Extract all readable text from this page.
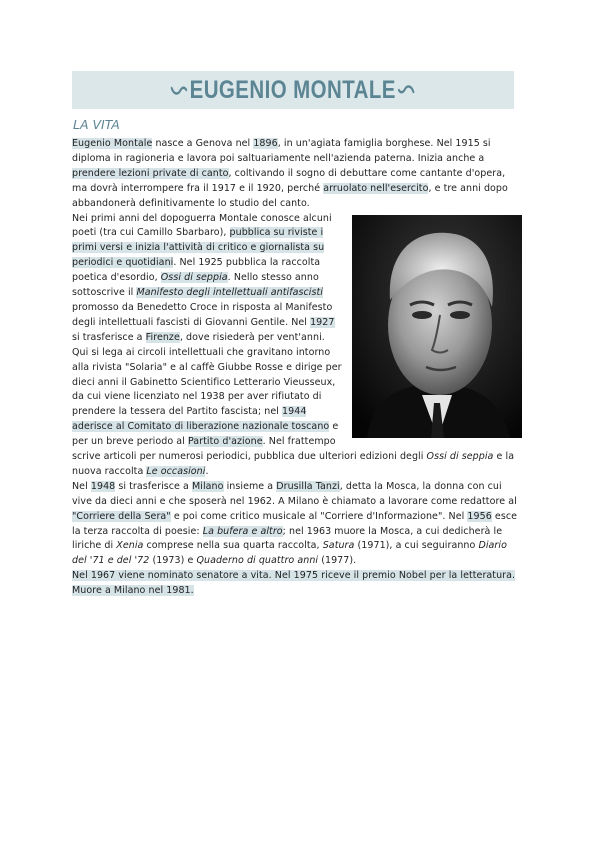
EUGENIO MONTALE
LA VITA

Eugenio Montale nasce a Genova nel 1896, in un'agiata famiglia borghese. Nel 1915 si diploma in ragioneria e lavora poi saltuariamente nell'azienda paterna. Inizia anche a prendere lezioni private di canto, coltivando il sogno di debuttare come cantante d'opera, ma dovrà interrompere fra il 1917 e il 1920, perché arruolato nell'esercito, e tre anni dopo abbandonerà definitivamente lo studio del canto.

Nei primi anni del dopoguerra Montale conosce alcuni poeti (tra cui Camillo Sbarbaro), pubblica su riviste i primi versi e inizia l'attività di critico e giornalista su periodici e quotidiani. Nel 1925 pubblica la raccolta poetica d'esordio, Ossi di seppia. Nello stesso anno sottoscrive il Manifesto degli intellettuali antifascisti promosso da Benedetto Croce in risposta al Manifesto degli intellettuali fascisti di Giovanni Gentile. Nel 1927 si trasferisce a Firenze, dove risiederà per vent'anni. Qui si lega ai circoli intellettuali che gravitano intorno alla rivista "Solaria" e al caffè Giubbe Rosse e dirige per dieci anni il Gabinetto Scientifico Letterario Vieusseux, da cui viene licenziato nel 1938 per aver rifiutato di prendere la tessera del Partito fascista; nel 1944 aderisce al Comitato di liberazione nazionale toscano e per un breve periodo al Partito d'azione. Nel frattempo scrive articoli per numerosi periodici, pubblica due ulteriori edizioni degli Ossi di seppia e la nuova raccolta Le occasioni.

Nel 1948 si trasferisce a Milano insieme a Drusilla Tanzi, detta la Mosca, la donna con cui vive da dieci anni e che sposerà nel 1962. A Milano è chiamato a lavorare come redattore al "Corriere della Sera" e poi come critico musicale al "Corriere d'Informazione". Nel 1956 esce la terza raccolta di poesie: La bufera e altro; nel 1963 muore la Mosca, a cui dedicherà le liriche di Xenia comprese nella sua quarta raccolta, Satura (1971), a cui seguiranno Diario del '71 e del '72 (1973) e Quaderno di quattro anni (1977).

Nel 1967 viene nominato senatore a vita. Nel 1975 riceve il premio Nobel per la letteratura. Muore a Milano nel 1981.
